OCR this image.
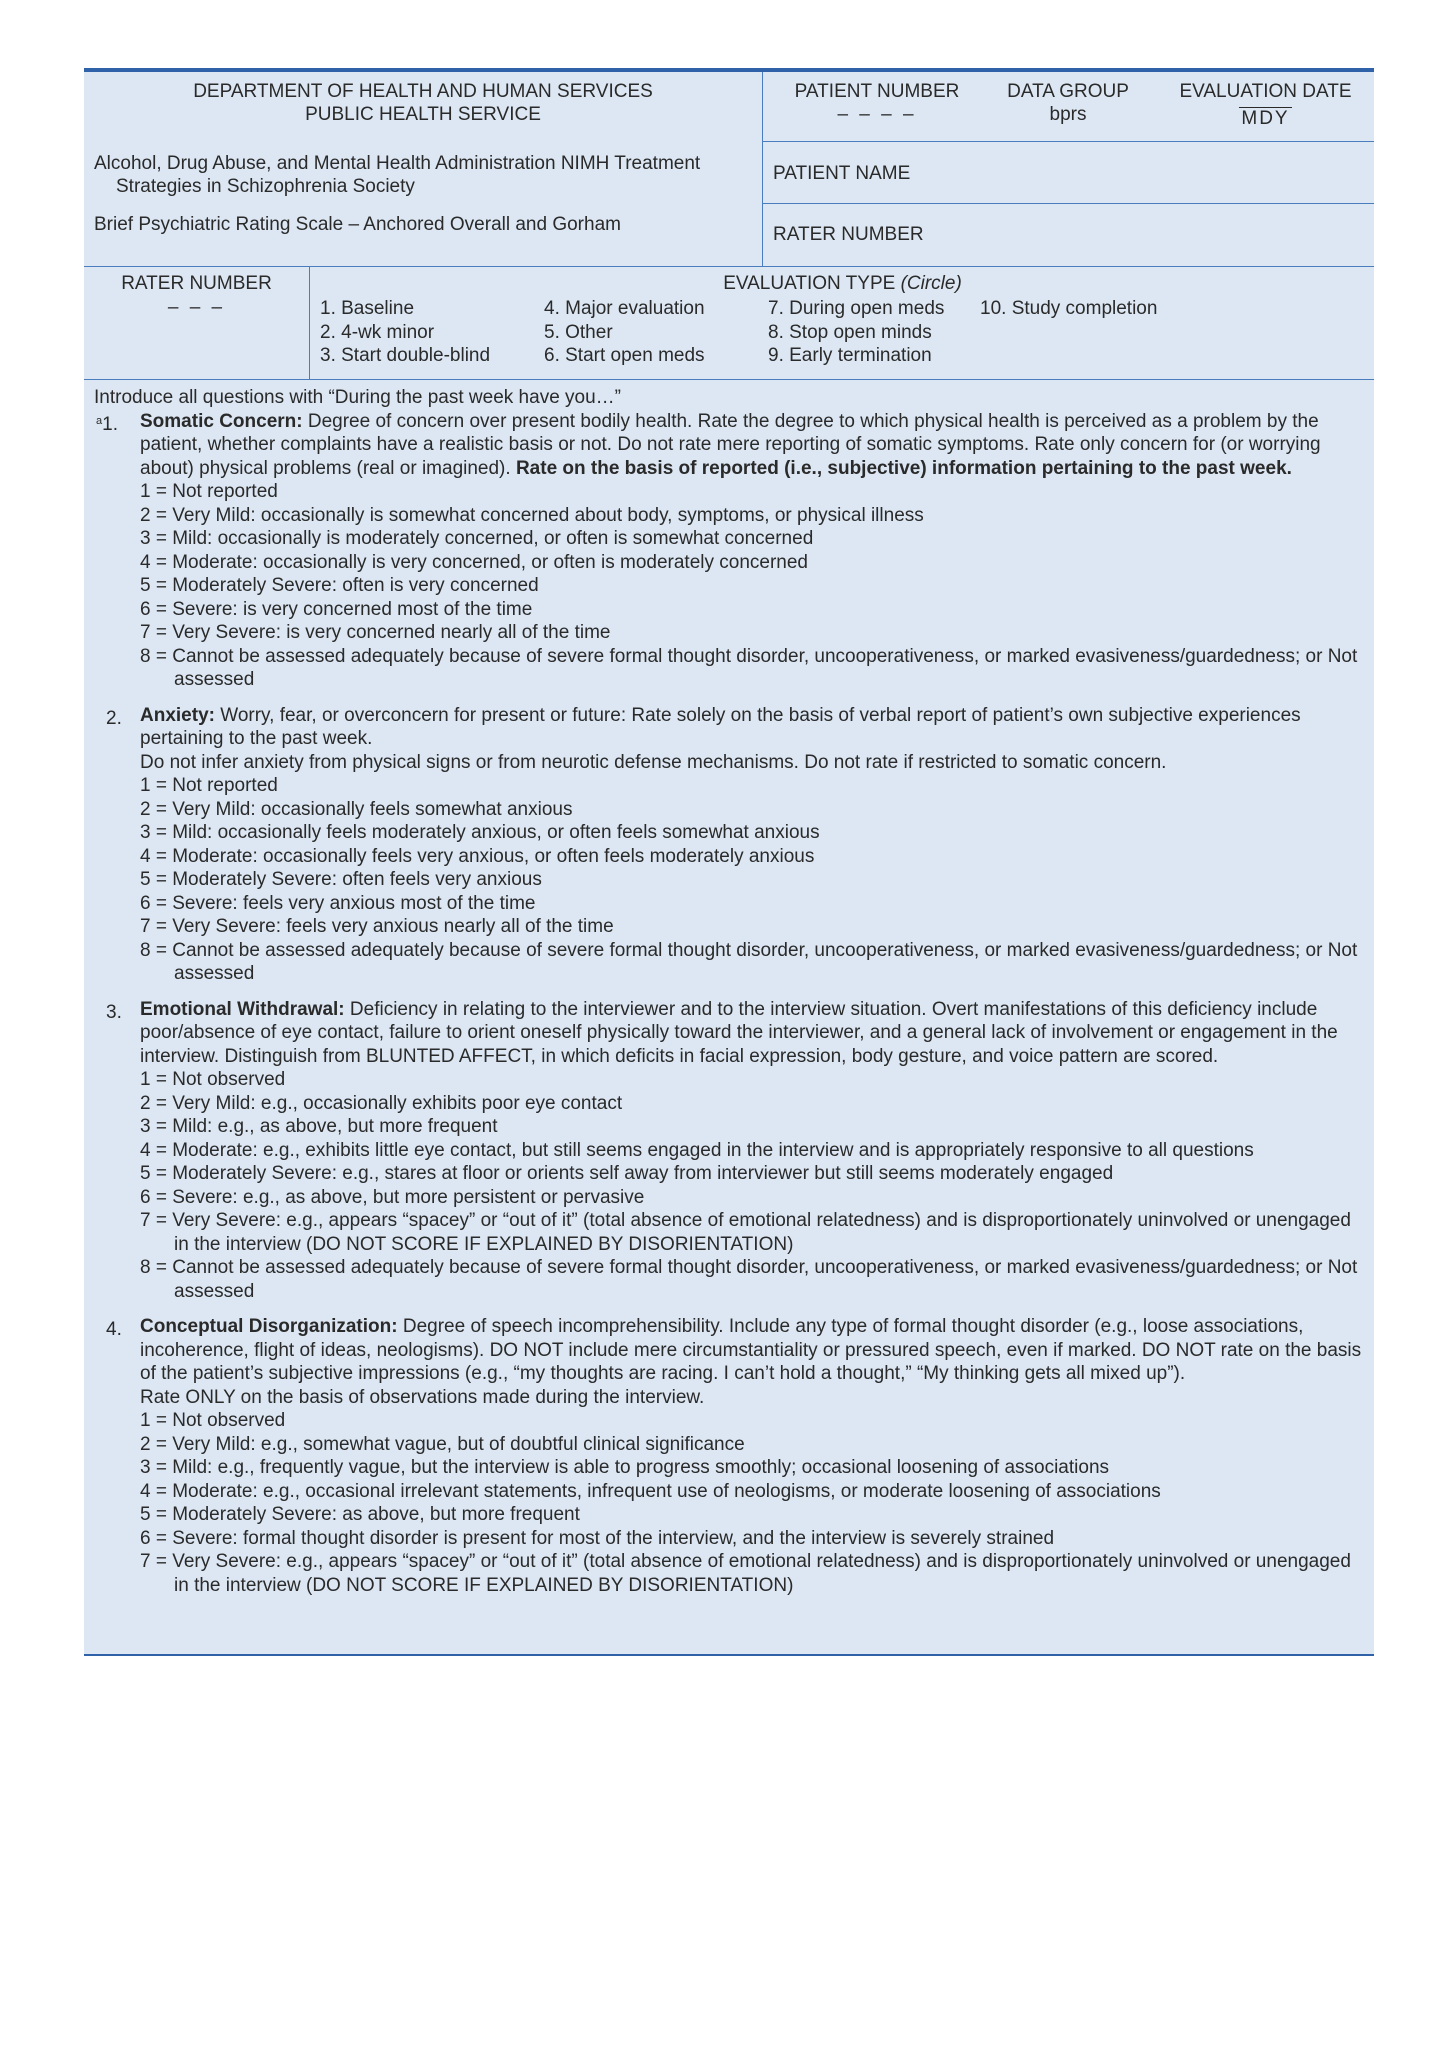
DEPARTMENT OF HEALTH AND HUMAN SERVICES
PUBLIC HEALTH SERVICE
Alcohol, Drug Abuse, and Mental Health Administration NIMH Treatment
Strategies in Schizophrenia Society
Brief Psychiatric Rating Scale – Anchored Overall and Gorham
PATIENT NUMBER
– – – –
DATA GROUP
bprs
EVALUATION DATE
MDY
PATIENT NAME
RATER NUMBER
RATER NUMBER
– – –
EVALUATION TYPE (Circle)
1. Baseline
2. 4-wk minor
3. Start double-blind
4. Major evaluation
5. Other
6. Start open meds
7. During open meds
8. Stop open minds
9. Early termination
10. Study completion

Introduce all questions with “During the past week have you…”

$^a$1. Somatic Concern: Degree of concern over present bodily health. Rate the degree to which physical health is perceived as a problem by the patient, whether complaints have a realistic basis or not. Do not rate mere reporting of somatic symptoms. Rate only concern for (or worrying about) physical problems (real or imagined). Rate on the basis of reported (i.e., subjective) information pertaining to the past week.

1 = Not reported

2 = Very Mild: occasionally is somewhat concerned about body, symptoms, or physical illness

3 = Mild: occasionally is moderately concerned, or often is somewhat concerned

4 = Moderate: occasionally is very concerned, or often is moderately concerned

5 = Moderately Severe: often is very concerned

6 = Severe: is very concerned most of the time

7 = Very Severe: is very concerned nearly all of the time

8 = Cannot be assessed adequately because of severe formal thought disorder, uncooperativeness, or marked evasiveness/guardedness; or Not assessed

2. Anxiety: Worry, fear, or overconcern for present or future: Rate solely on the basis of verbal report of patient’s own subjective experiences pertaining to the past week.

Do not infer anxiety from physical signs or from neurotic defense mechanisms. Do not rate if restricted to somatic concern.

1 = Not reported

2 = Very Mild: occasionally feels somewhat anxious

3 = Mild: occasionally feels moderately anxious, or often feels somewhat anxious

4 = Moderate: occasionally feels very anxious, or often feels moderately anxious

5 = Moderately Severe: often feels very anxious

6 = Severe: feels very anxious most of the time

7 = Very Severe: feels very anxious nearly all of the time

8 = Cannot be assessed adequately because of severe formal thought disorder, uncooperativeness, or marked evasiveness/guardedness; or Not assessed

3. Emotional Withdrawal: Deficiency in relating to the interviewer and to the interview situation. Overt manifestations of this deficiency include poor/absence of eye contact, failure to orient oneself physically toward the interviewer, and a general lack of involvement or engagement in the interview. Distinguish from BLUNTED AFFECT, in which deficits in facial expression, body gesture, and voice pattern are scored.

1 = Not observed

2 = Very Mild: e.g., occasionally exhibits poor eye contact

3 = Mild: e.g., as above, but more frequent

4 = Moderate: e.g., exhibits little eye contact, but still seems engaged in the interview and is appropriately responsive to all questions

5 = Moderately Severe: e.g., stares at floor or orients self away from interviewer but still seems moderately engaged

6 = Severe: e.g., as above, but more persistent or pervasive

7 = Very Severe: e.g., appears “spacey” or “out of it” (total absence of emotional relatedness) and is disproportionately uninvolved or unengaged in the interview (DO NOT SCORE IF EXPLAINED BY DISORIENTATION)

8 = Cannot be assessed adequately because of severe formal thought disorder, uncooperativeness, or marked evasiveness/guardedness; or Not assessed

4. Conceptual Disorganization: Degree of speech incomprehensibility. Include any type of formal thought disorder (e.g., loose associations, incoherence, flight of ideas, neologisms). DO NOT include mere circumstantiality or pressured speech, even if marked. DO NOT rate on the basis of the patient’s subjective impressions (e.g., “my thoughts are racing. I can’t hold a thought,” “My thinking gets all mixed up”).

Rate ONLY on the basis of observations made during the interview.

1 = Not observed

2 = Very Mild: e.g., somewhat vague, but of doubtful clinical significance

3 = Mild: e.g., frequently vague, but the interview is able to progress smoothly; occasional loosening of associations

4 = Moderate: e.g., occasional irrelevant statements, infrequent use of neologisms, or moderate loosening of associations

5 = Moderately Severe: as above, but more frequent

6 = Severe: formal thought disorder is present for most of the interview, and the interview is severely strained

7 = Very Severe: e.g., appears “spacey” or “out of it” (total absence of emotional relatedness) and is disproportionately uninvolved or unengaged in the interview (DO NOT SCORE IF EXPLAINED BY DISORIENTATION)
